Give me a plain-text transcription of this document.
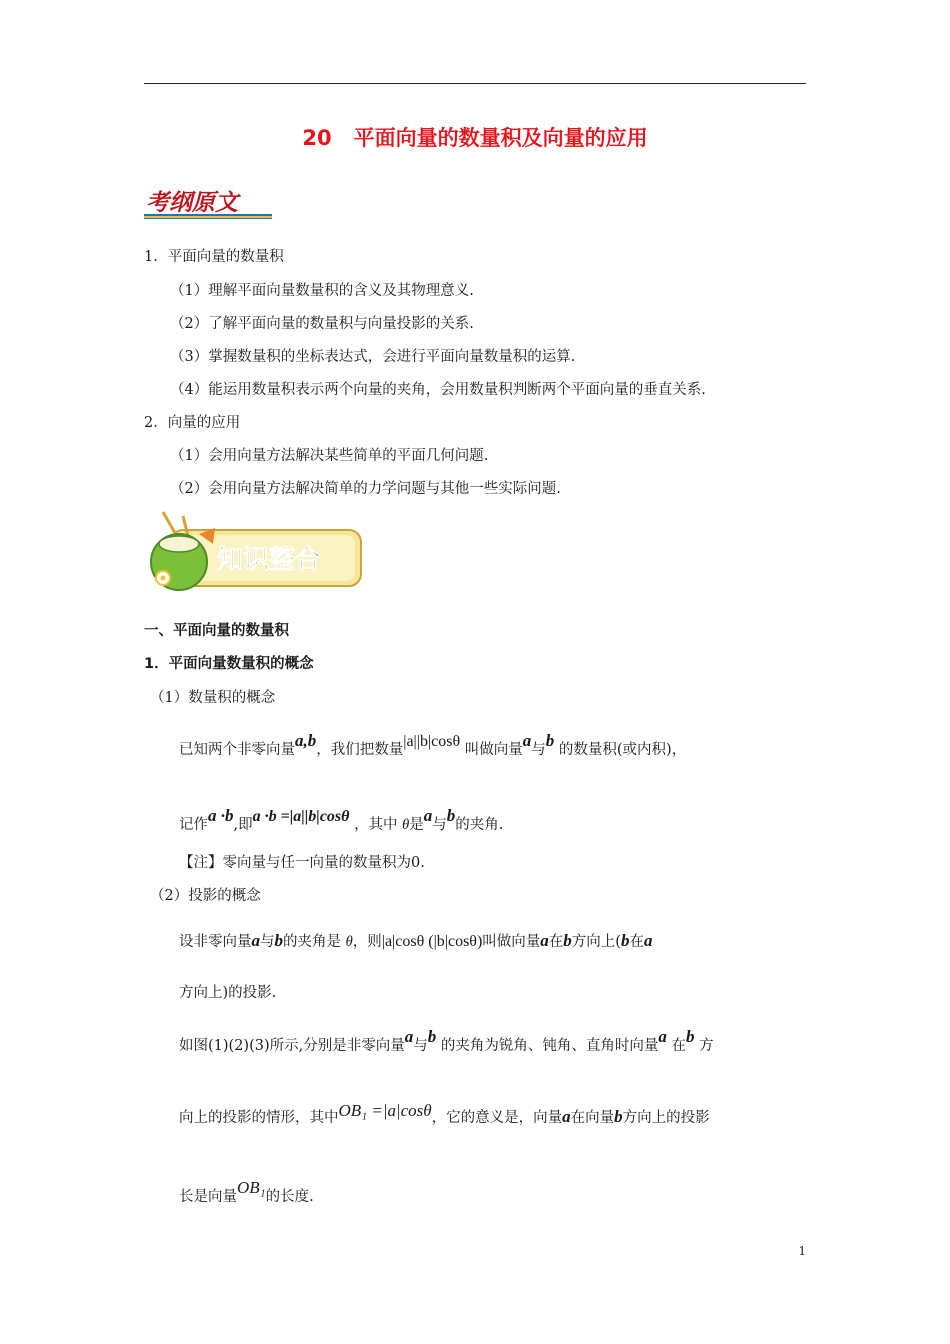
20 平面向量的数量积及向量的应用
考纲原文
1．平面向量的数量积
（1）理解平面向量数量积的含义及其物理意义.
（2）了解平面向量的数量积与向量投影的关系.
（3）掌握数量积的坐标表达式，会进行平面向量数量积的运算.
（4）能运用数量积表示两个向量的夹角，会用数量积判断两个平面向量的垂直关系.
2．向量的应用
（1）会用向量方法解决某些简单的平面几何问题.
（2）会用向量方法解决简单的力学问题与其他一些实际问题.
知识整合
一、平面向量的数量积
1．平面向量数量积的概念
（1）数量积的概念
已知两个非零向量a,b，我们把数量|a||b|cosθ 叫做向量a与b 的数量积(或内积)，
记作a ·b,即a ·b =|a||b|cosθ ，其中 θ是a与b的夹角.
【注】零向量与任一向量的数量积为0.
（2）投影的概念
设非零向量a与b的夹角是 θ，则|a|cosθ (|b|cosθ)叫做向量a在b方向上(b在a
方向上)的投影.
如图(1)(2)(3)所示,分别是非零向量a与b 的夹角为锐角、钝角、直角时向量a 在b 方
向上的投影的情形，其中OB₁ =|a|cosθ，它的意义是，向量a在向量b方向上的投影
长是向量OB₁的长度.
1
